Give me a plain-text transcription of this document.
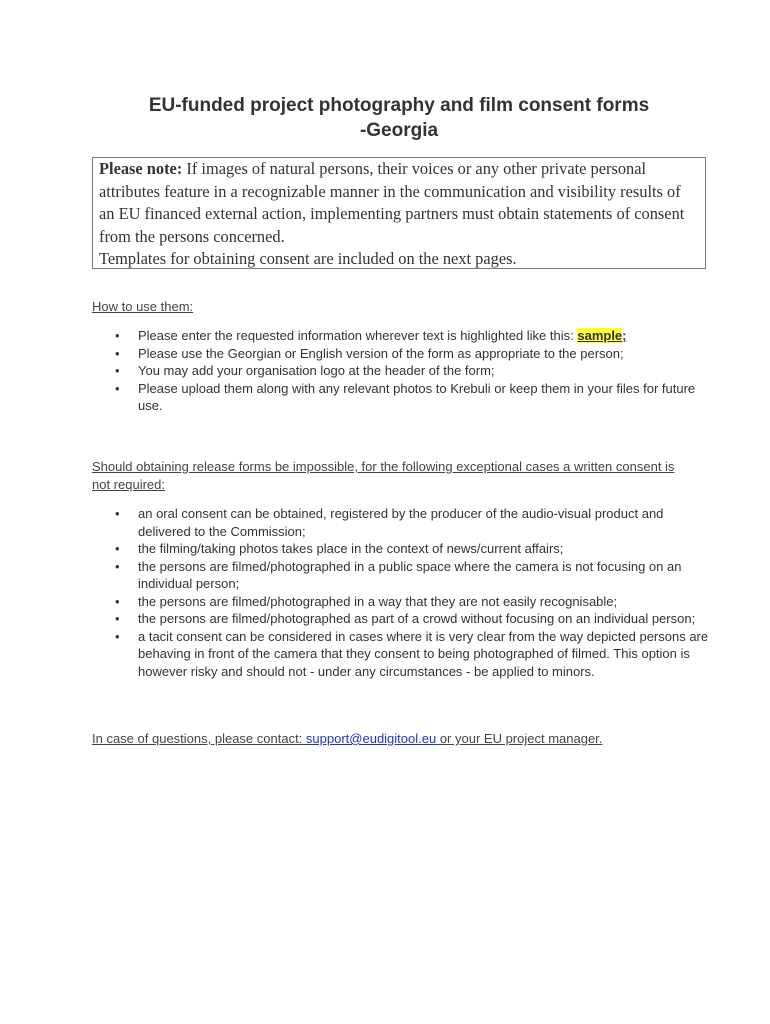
EU-funded project photography and film consent forms
-Georgia

Please note: If images of natural persons, their voices or any other private personal attributes feature in a recognizable manner in the communication and visibility results of an EU financed external action, implementing partners must obtain statements of consent from the persons concerned.

Templates for obtaining consent are included on the next pages.

How to use them:
•	Please enter the requested information wherever text is highlighted like this: sample;
•	Please use the Georgian or English version of the form as appropriate to the person;
•	You may add your organisation logo at the header of the form;
•	Please upload them along with any relevant photos to Krebuli or keep them in your files for future use.
Should obtaining release forms be impossible, for the following exceptional cases a written consent is not required:
•	an oral consent can be obtained, registered by the producer of the audio-visual product and delivered to the Commission;
•	the filming/taking photos takes place in the context of news/current affairs;
•	the persons are filmed/photographed in a public space where the camera is not focusing on an individual person;
•	the persons are filmed/photographed in a way that they are not easily recognisable;
•	the persons are filmed/photographed as part of a crowd without focusing on an individual person;
•	a tacit consent can be considered in cases where it is very clear from the way depicted persons are behaving in front of the camera that they consent to being photographed of filmed. This option is however risky and should not - under any circumstances - be applied to minors.
In case of questions, please contact: support@eudigitool.eu or your EU project manager.
